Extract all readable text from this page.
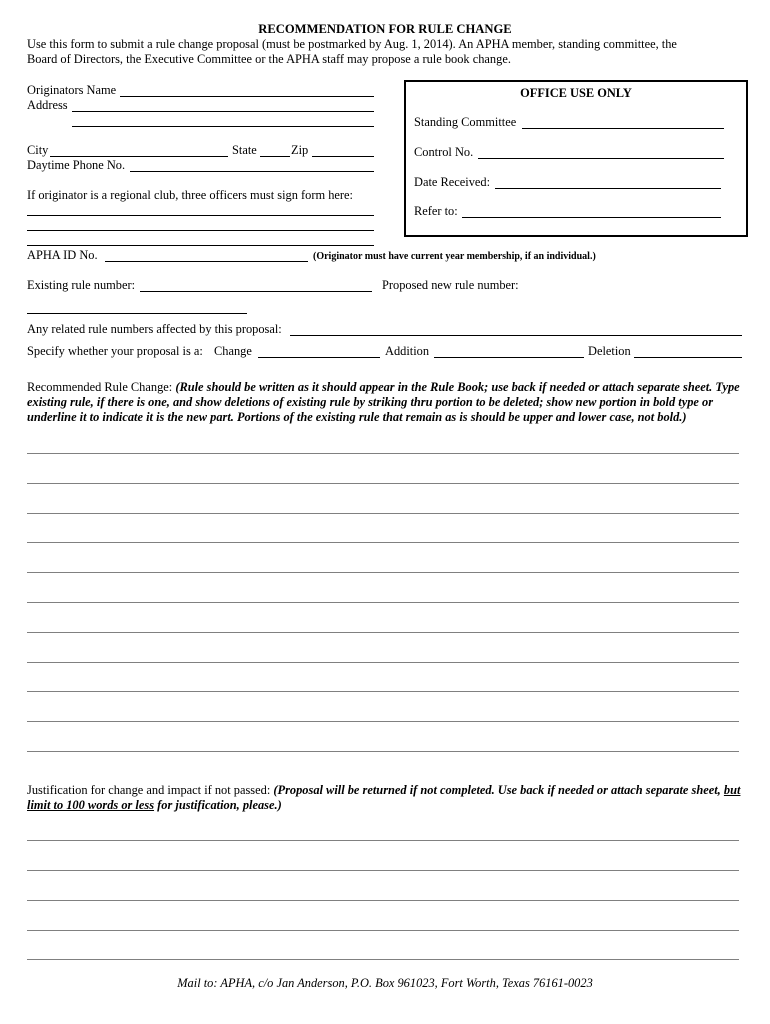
RECOMMENDATION FOR RULE CHANGE
Use this form to submit a rule change proposal (must be postmarked by Aug. 1, 2014). An APHA member, standing committee, the
Board of Directors, the Executive Committee or the APHA staff may propose a rule book change.
Originators Name
Address
City	State	Zip
Daytime Phone No.
If originator is a regional club, three officers must sign form here:
OFFICE USE ONLY
Standing Committee
Control No.
Date Received:
Refer to:
APHA ID No.	(Originator must have current year membership, if an individual.)
Existing rule number:	Proposed new rule number:
Any related rule numbers affected by this proposal:
Specify whether your proposal is a: Change	Addition	Deletion
Recommended Rule Change: (Rule should be written as it should appear in the Rule Book; use back if needed or attach separate sheet. Type existing rule, if there is one, and show deletions of existing rule by striking thru portion to be deleted; show new portion in bold type or underline it to indicate it is the new part. Portions of the existing rule that remain as is should be upper and lower case, not bold.)
Justification for change and impact if not passed: (Proposal will be returned if not completed. Use back if needed or attach separate sheet, but limit to 100 words or less for justification, please.)
Mail to: APHA, c/o Jan Anderson, P.O. Box 961023, Fort Worth, Texas 76161-0023
